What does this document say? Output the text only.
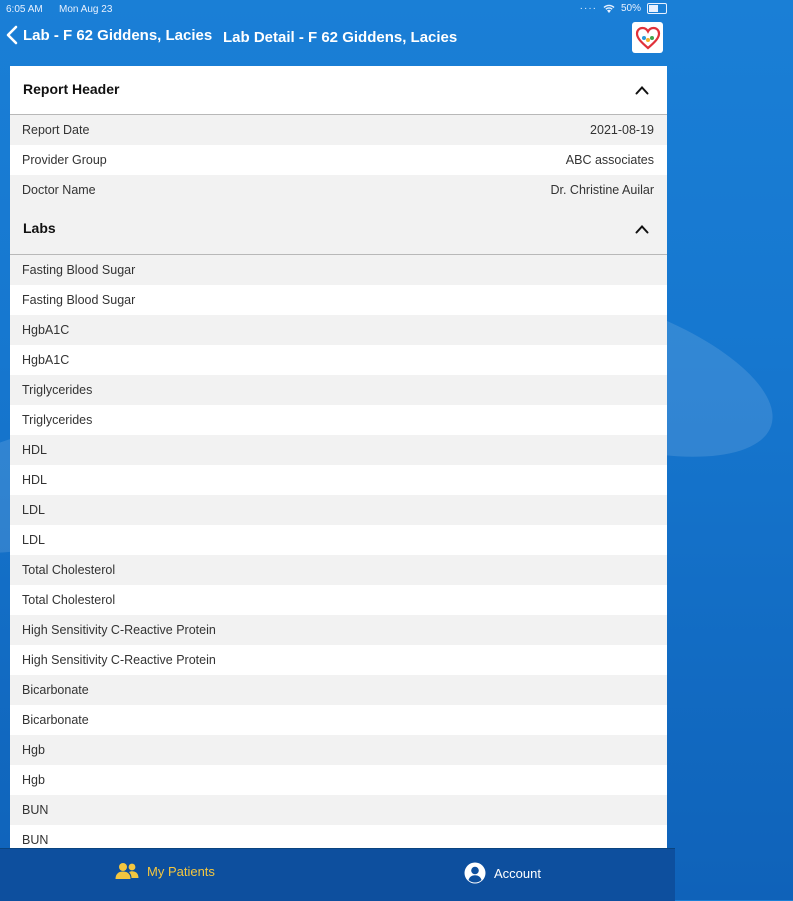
6:05 AM Mon Aug 23	···· 50%
Lab - F 62 Giddens, Lacies Lab Detail - F 62 Giddens, Lacies
Report Header
Report Date	2021-08-19
Provider Group	ABC associates
Doctor Name	Dr. Christine Auilar
Labs
Fasting Blood Sugar
Fasting Blood Sugar
HgbA1C
HgbA1C
Triglycerides
Triglycerides
HDL
HDL
LDL
LDL
Total Cholesterol
Total Cholesterol
High Sensitivity C-Reactive Protein
High Sensitivity C-Reactive Protein
Bicarbonate
Bicarbonate
Hgb
Hgb
BUN
BUN
My Patients	Account
